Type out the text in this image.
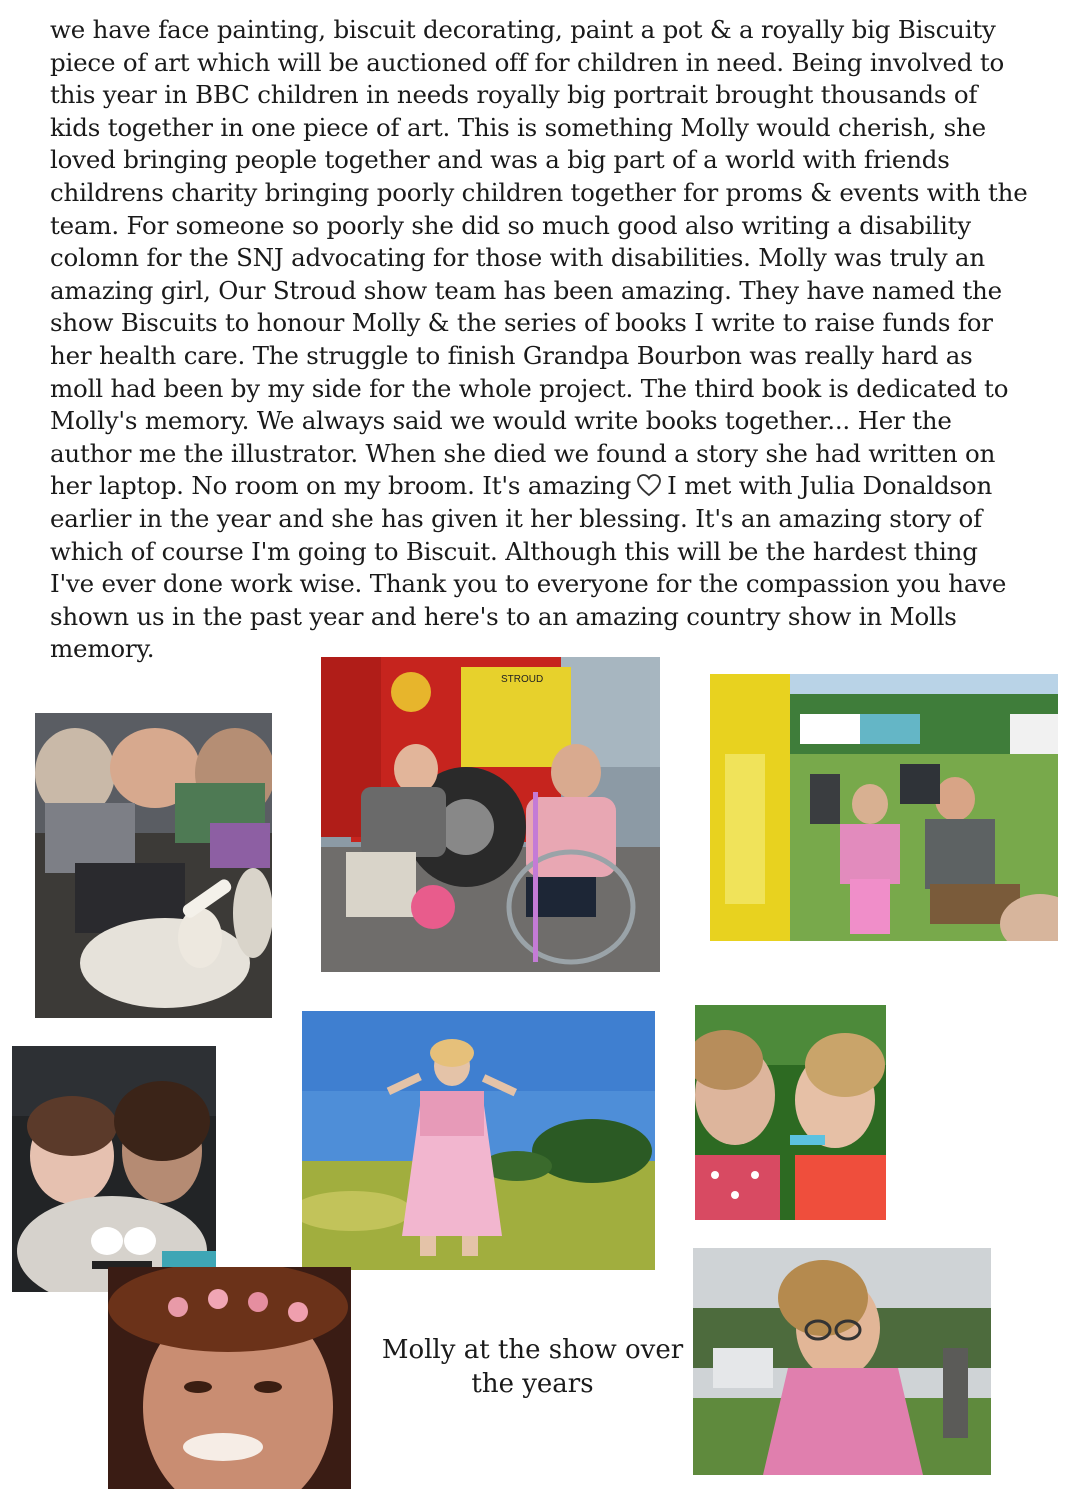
we have face painting, biscuit decorating, paint a pot & a royally big Biscuity
piece of art which will be auctioned off for children in need. Being involved to
this year in BBC children in needs royally big portrait brought thousands of
kids together in one piece of art. This is something Molly would cherish, she
loved bringing people together and was a big part of a world with friends
childrens charity bringing poorly children together for proms & events with the
team. For someone so poorly she did so much good also writing a disability
colomn for the SNJ advocating for those with disabilities. Molly was truly an
amazing girl, Our Stroud show team has been amazing. They have named the
show Biscuits to honour Molly & the series of books I write to raise funds for
her health care. The struggle to finish Grandpa Bourbon was really hard as
moll had been by my side for the whole project. The third book is dedicated to
Molly's memory. We always said we would write books together... Her the
author me the illustrator. When she died we found a story she had written on
her laptop. No room on my broom. It's amazing I met with Julia Donaldson
earlier in the year and she has given it her blessing. It's an amazing story of
which of course I'm going to Biscuit. Although this will be the hardest thing
I've ever done work wise. Thank you to everyone for the compassion you have
shown us in the past year and here's to an amazing country show in Molls
memory.
STROUD
Molly at the show over
the years
